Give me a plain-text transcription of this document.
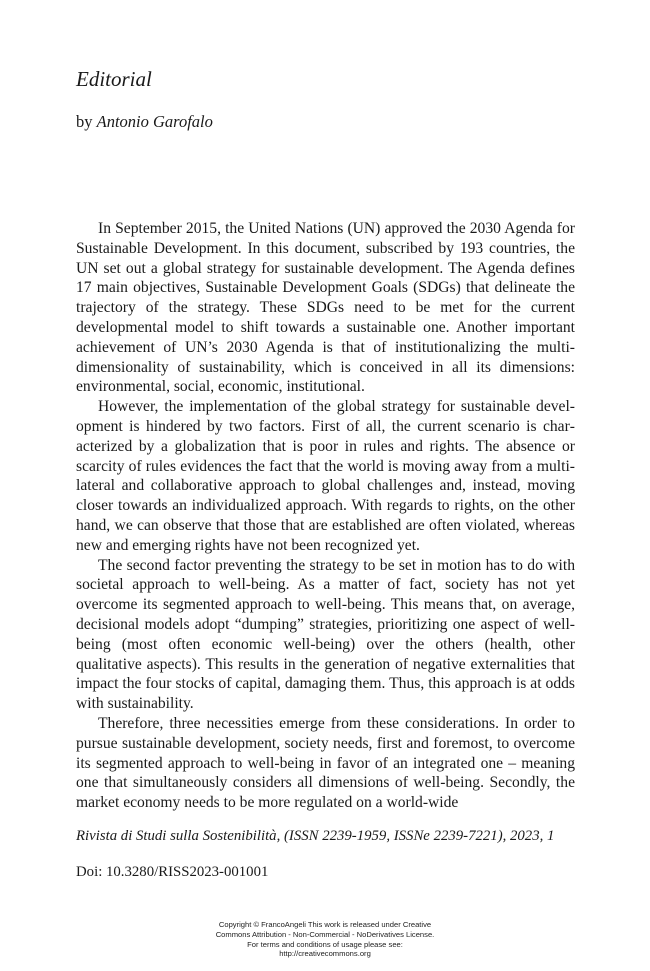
Editorial

by Antonio Garofalo

In September 2015, the United Nations (UN) approved the 2030 Agenda for Sustainable Development. In this document, subscribed by 193 countries, the UN set out a global strategy for sustainable development. The Agenda defines 17 main objectives, Sustainable Development Goals (SDGs) that delineate the trajectory of the strategy. These SDGs need to be met for the current developmental model to shift towards a sustainable one. Another important achievement of UN’s 2030 Agenda is that of institutionalizing the multi-dimensionality of sustainability, which is conceived in all its dimensions: environmental, social, economic, institutional.

However, the implementation of the global strategy for sustainable development is hindered by two factors. First of all, the current scenario is characterized by a globalization that is poor in rules and rights. The absence or scarcity of rules evidences the fact that the world is moving away from a multi-lateral and collaborative approach to global challenges and, instead, moving closer towards an individualized approach. With regards to rights, on the other hand, we can observe that those that are established are often violated, whereas new and emerging rights have not been recognized yet.

The second factor preventing the strategy to be set in motion has to do with societal approach to well-being. As a matter of fact, society has not yet overcome its segmented approach to well-being. This means that, on average, decisional models adopt “dumping” strategies, prioritizing one aspect of well-being (most often economic well-being) over the others (health, other qualitative aspects). This results in the generation of negative externalities that impact the four stocks of capital, damaging them. Thus, this approach is at odds with sustainability.

Therefore, three necessities emerge from these considerations. In order to pursue sustainable development, society needs, first and foremost, to overcome its segmented approach to well-being in favor of an integrated one – meaning one that simultaneously considers all dimensions of well-being. Secondly, the market economy needs to be more regulated on a world-wide

Rivista di Studi sulla Sostenibilità, (ISSN 2239-1959, ISSNe 2239-7221), 2023, 1
Doi: 10.3280/RISS2023-001001
Copyright © FrancoAngeli This work is released under Creative
Commons Attribution - Non-Commercial - NoDerivatives License.
For terms and conditions of usage please see:
http://creativecommons.org
